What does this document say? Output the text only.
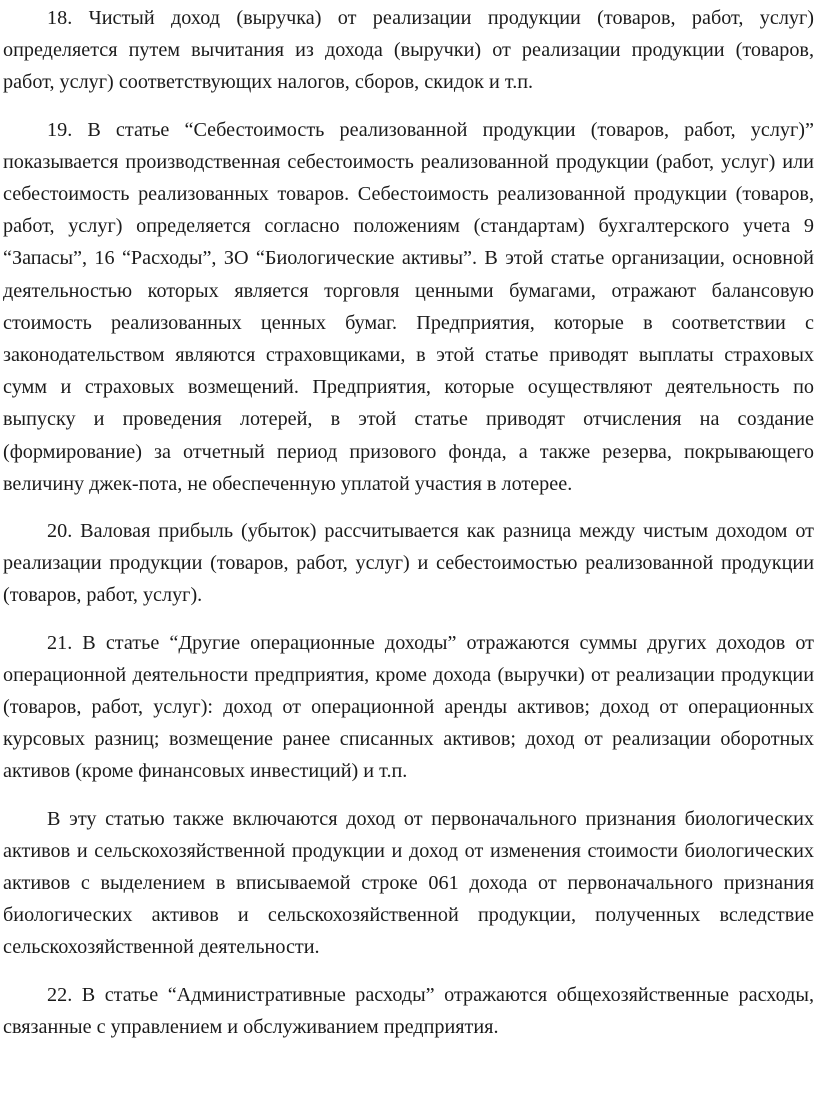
18. Чистый доход (выручка) от реализации продукции (товаров, работ, услуг) определяется путем вычитания из дохода (выручки) от реализации продукции (товаров, работ, услуг) соответствующих налогов, сборов, скидок и т.п.

19. В статье “Себестоимость реализованной продукции (товаров, работ, услуг)” показывается производственная себестоимость реализованной продукции (работ, услуг) или себестоимость реализованных товаров. Себестоимость реализованной продукции (товаров, работ, услуг) определяется согласно положениям (стандартам) бухгалтерского учета 9 “Запасы”, 16 “Расходы”, ЗО “Биологические активы”. В этой статье организации, основной деятельностью которых является торговля ценными бумагами, отражают балансовую стоимость реализованных ценных бумаг. Предприятия, которые в соответствии с законодательством являются страховщиками, в этой статье приводят выплаты страховых сумм и страховых возмещений. Предприятия, которые осуществляют деятельность по выпуску и проведения лотерей, в этой статье приводят отчисления на создание (формирование) за отчетный период призового фонда, а также резерва, покрывающего величину джек-пота, не обеспеченную уплатой участия в лотерее.

20. Валовая прибыль (убыток) рассчитывается как разница между чистым доходом от реализации продукции (товаров, работ, услуг) и себестоимостью реализованной продукции (товаров, работ, услуг).

21. В статье “Другие операционные доходы” отражаются суммы других доходов от операционной деятельности предприятия, кроме дохода (выручки) от реализации продукции (товаров, работ, услуг): доход от операционной аренды активов; доход от операционных курсовых разниц; возмещение ранее списанных активов; доход от реализации оборотных активов (кроме финансовых инвестиций) и т.п.

В эту статью также включаются доход от первоначального признания биологических активов и сельскохозяйственной продукции и доход от изменения стоимости биологических активов с выделением в вписываемой строке 061 дохода от первоначального признания биологических активов и сельскохозяйственной продукции, полученных вследствие сельскохозяйственной деятельности.

22. В статье “Административные расходы” отражаются общехозяйственные расходы, связанные с управлением и обслуживанием предприятия.
